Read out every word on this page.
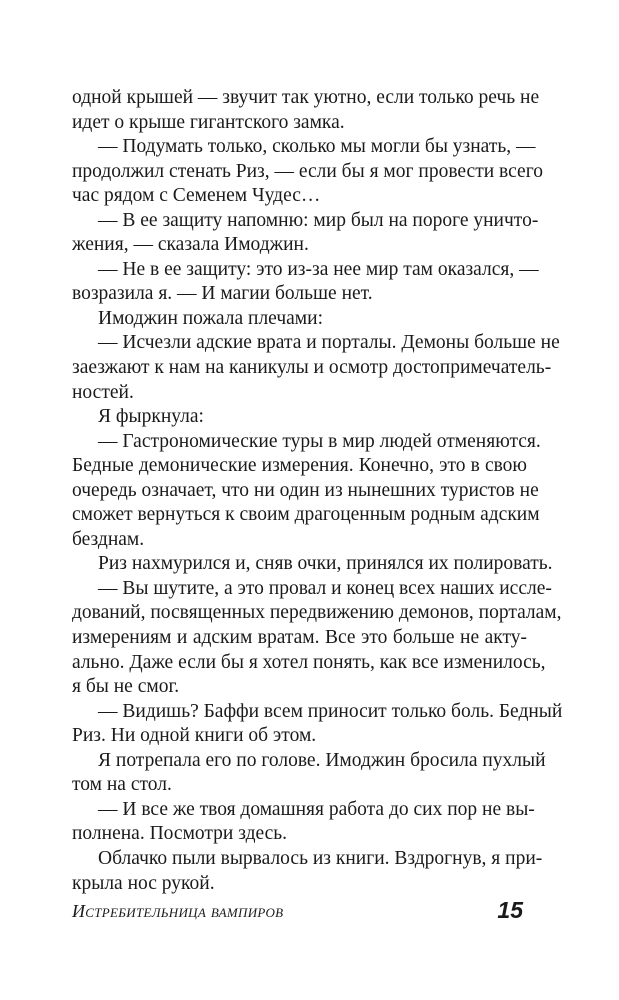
одной крышей — звучит так уютно, если только речь не
идет о крыше гигантского замка.
— Подумать только, сколько мы могли бы узнать, —
продолжил стенать Риз, — если бы я мог провести всего
час рядом с Семенем Чудес…
— В ее защиту напомню: мир был на пороге уничто-
жения, — сказала Имоджин.
— Не в ее защиту: это из-за нее мир там оказался, —
возразила я. — И магии больше нет.
Имоджин пожала плечами:
— Исчезли адские врата и порталы. Демоны больше не
заезжают к нам на каникулы и осмотр достопримечатель-
ностей.
Я фыркнула:
— Гастрономические туры в мир людей отменяются.
Бедные демонические измерения. Конечно, это в свою
очередь означает, что ни один из нынешних туристов не
сможет вернуться к своим драгоценным родным адским
безднам.
Риз нахмурился и, сняв очки, принялся их полировать.
— Вы шутите, а это провал и конец всех наших иссле-
дований, посвященных передвижению демонов, порталам,
измерениям и адским вратам. Все это больше не акту-
ально. Даже если бы я хотел понять, как все изменилось,
я бы не смог.
— Видишь? Баффи всем приносит только боль. Бедный
Риз. Ни одной книги об этом.
Я потрепала его по голове. Имоджин бросила пухлый
том на стол.
— И все же твоя домашняя работа до сих пор не вы-
полнена. Посмотри здесь.
Облачко пыли вырвалось из книги. Вздрогнув, я при-
крыла нос рукой.
Истребительница вампиров	15
